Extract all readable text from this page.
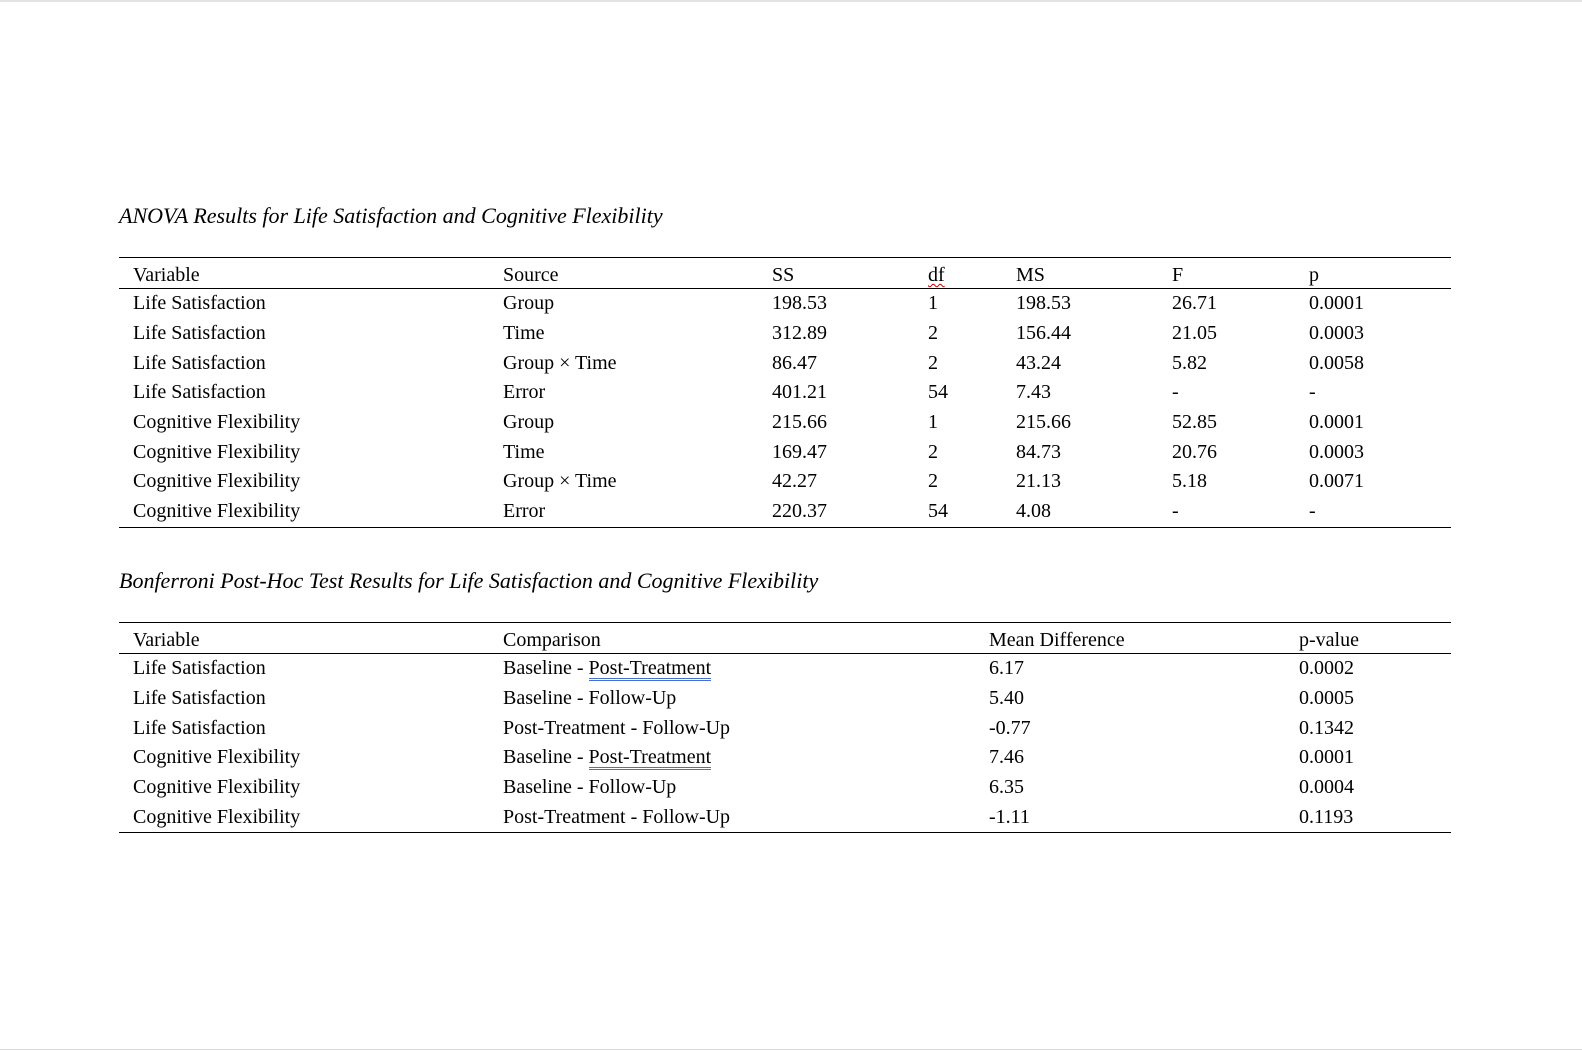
ANOVA Results for Life Satisfaction and Cognitive Flexibility
Variable	Source	SS	df	MS	F	p
Life Satisfaction	Group	198.53	1	198.53	26.71	0.0001
Life Satisfaction	Time	312.89	2	156.44	21.05	0.0003
Life Satisfaction	Group × Time	86.47	2	43.24	5.82	0.0058
Life Satisfaction	Error	401.21	54	7.43	-	-
Cognitive Flexibility	Group	215.66	1	215.66	52.85	0.0001
Cognitive Flexibility	Time	169.47	2	84.73	20.76	0.0003
Cognitive Flexibility	Group × Time	42.27	2	21.13	5.18	0.0071
Cognitive Flexibility	Error	220.37	54	4.08	-	-
Bonferroni Post-Hoc Test Results for Life Satisfaction and Cognitive Flexibility
Variable	Comparison	Mean Difference	p-value
Life Satisfaction	Baseline - Post-Treatment	6.17	0.0002
Life Satisfaction	Baseline - Follow-Up	5.40	0.0005
Life Satisfaction	Post-Treatment - Follow-Up	-0.77	0.1342
Cognitive Flexibility	Baseline - Post-Treatment	7.46	0.0001
Cognitive Flexibility	Baseline - Follow-Up	6.35	0.0004
Cognitive Flexibility	Post-Treatment - Follow-Up	-1.11	0.1193
